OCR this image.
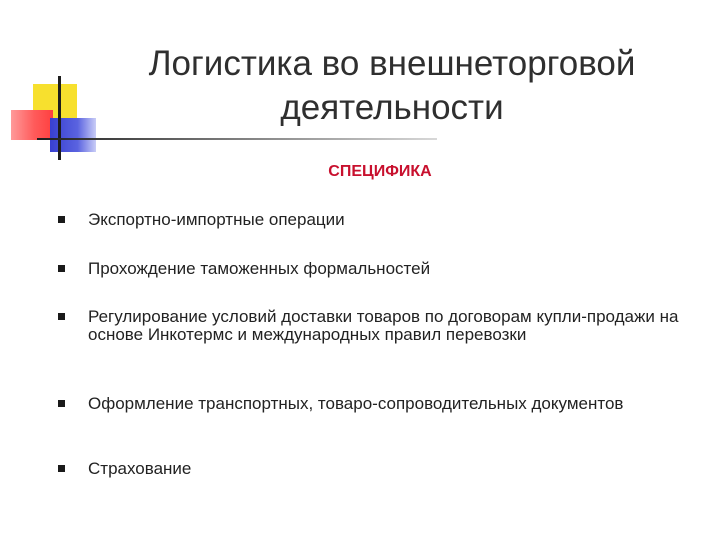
Логистика во внешнеторговой деятельности
СПЕЦИФИКА
Экспортно-импортные операции
Прохождение таможенных формальностей
Регулирование условий доставки товаров по договорам купли-продажи на основе Инкотермс и международных правил перевозки
Оформление транспортных, товаро-сопроводительных документов
Страхование
